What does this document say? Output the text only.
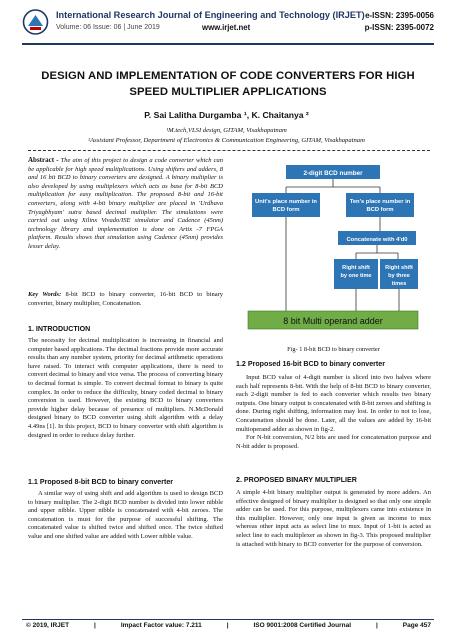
International Research Journal of Engineering and Technology (IRJET) e-ISSN: 2395-0056
Volume: 06 Issue: 06 | June 2019	www.irjet.net	p-ISSN: 2395-0072
DESIGN AND IMPLEMENTATION OF CODE CONVERTERS FOR HIGH SPEED MULTIPLIER APPLICATIONS
P. Sai Lalitha Durgamba ¹, K. Chaitanya ²
¹M.tech,VLSI design, GITAM, Visakhapatnam
²Assistant Professor, Department of Electronics & Communication Engineering, GITAM, Visakhapatnam
Abstract - The aim of this project to design a code converter which can be applicable for high speed multiplications. Using shifters and adders, 8 and 16 bit BCD to binary converters are designed. A binary multiplier is also developed by using multiplexers which acts as base for 8-bit BCD multiplication for easy multiplication. The proposed 8-bit and 16-bit converters, along with 4-bit binary multiplier are placed in 'Urdhava Triyagbhyam' sutra based decimal multiplier. The simulations were carried out using Xilinx Vivado/ISE simulator and Cadence (45nm) technology library and implementation is done on Artix -7 FPGA platform. Results shows that simulation using Cadence (45nm) provides lesser delay.
Key Words: 8-bit BCD to binary converter, 16-bit BCD to binary converter, binary multiplier, Concatenation.
1. INTRODUCTION
The necessity for decimal multiplication is increasing in financial and computer based applications. The decimal fractions provide more accurate results than any number system, priority for decimal arithmetic operations have raised. To interact with computer applications, there is need to convert decimal to binary and vice versa. The process of converting binary to decimal format is simple. To convert decimal format to binary is quite complex. In order to reduce the difficulty, binary coded decimal to binary conversion is used. However, the existing BCD to binary converters provide higher delay because of presence of multipliers. N.McDonald designed binary to BCD converter using shift algorithm with a delay 4.49ns [1]. In this project, BCD to binary converter with shift algorithm is designed in order to reduce delay further.
1.1 Proposed 8-bit BCD to binary converter
A similar way of using shift and add algorithm is used to design BCD to binary multiplier. The 2-digit BCD number is divided into lower nibble and upper nibble. Upper nibble is concatenated with 4-bit zeroes. The concatenation is must for the purpose of successful shifting. The concatenated value is shifted twice and shifted once. The twice shifted value and one shifted value are added with Lower nibble value.
2-digit BCD number
Unit's place number in BCD form
Ten's place number in BCD form
Concatenate with 4'd0
Right shift by one time
Right shift by three times
8 bit Multi operand adder
Fig- 1 8-bit BCD to binary converter
1.2 Proposed 16-bit BCD to binary converter

Input BCD value of 4-digit number is sliced into two halves where each half represents 8-bit. With the help of 8-bit BCD to binary converter, each 2-digit number is fed to each converter which results two binary outputs. One binary output is concatenated with 8-bit zeroes and shifting is done. During right shifting, information may lost. In order to not to lose, Concatenation should be done. Later, all the values are added by 16-bit multioperand adder as shown in fig-2.

For N-bit conversion, N/2 bits are used for concatenation purpose and N-bit adder is proposed.

2. PROPOSED BINARY MULTIPLIER
A simple 4-bit binary multiplier output is generated by more adders. An effective designed of binary multiplier is designed so that only one simple adder can be used. For this purpose, multiplexers came into existence in this multiplier. However, only one input is given as income to mux whereas other input acts as select line to mux. Input of 1-bit is acted as select line to each multiplexer as shown in fig-3. This proposed multiplier is attached with binary to BCD converter for the purpose of conversion.
© 2019, IRJET	|	Impact Factor value: 7.211	|	ISO 9001:2008 Certified Journal	|	Page 457
